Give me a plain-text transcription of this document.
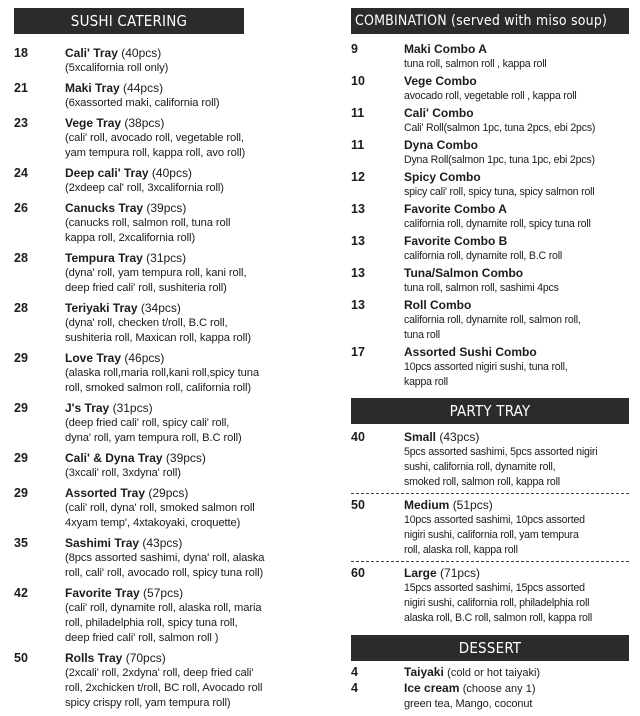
SUSHI CATERING
18	Cali' Tray (40pcs)
(5xcalifornia roll only)
21	Maki Tray (44pcs)
(6xassorted maki, california roll)
23	Vege Tray (38pcs)
(cali' roll, avocado roll, vegetable roll,
yam tempura roll, kappa roll, avo roll)
24	Deep cali' Tray (40pcs)
(2xdeep cal' roll, 3xcalifornia roll)
26	Canucks Tray (39pcs)
(canucks roll, salmon roll, tuna roll
kappa roll, 2xcalifornia roll)
28	Tempura Tray (31pcs)
(dyna' roll, yam tempura roll, kani roll,
deep fried cali' roll, sushiteria roll)
28	Teriyaki Tray (34pcs)
(dyna' roll, checken t/roll, B.C roll,
sushiteria roll, Maxican roll, kappa roll)
29	Love Tray (46pcs)
(alaska roll,maria roll,kani roll,spicy tuna
roll, smoked salmon roll, california roll)
29	J's Tray (31pcs)
(deep fried cali' roll, spicy cali' roll,
dyna' roll, yam tempura roll, B.C roll)
29	Cali' & Dyna Tray (39pcs)
(3xcali' roll, 3xdyna' roll)
29	Assorted Tray (29pcs)
(cali' roll, dyna' roll, smoked salmon roll
4xyam temp', 4xtakoyaki, croquette)
35	Sashimi Tray (43pcs)
(8pcs assorted sashimi, dyna' roll, alaska
roll, cali' roll, avocado roll, spicy tuna roll)
42	Favorite Tray (57pcs)
(cali' roll, dynamite roll, alaska roll, maria
roll, philadelphia roll, spicy tuna roll,
deep fried cali' roll, salmon roll )
50	Rolls Tray (70pcs)
(2xcali' roll, 2xdyna' roll, deep fried cali'
roll, 2xchicken t/roll, BC roll, Avocado roll
spicy crispy roll, yam tempura roll)
COMBINATION (served with miso soup)
9	Maki Combo A
tuna roll, salmon roll , kappa roll
10	Vege Combo
avocado roll, vegetable roll , kappa roll
11	Cali' Combo
Cali' Roll(salmon 1pc, tuna 2pcs, ebi 2pcs)
11	Dyna Combo
Dyna Roll(salmon 1pc, tuna 1pc, ebi 2pcs)
12	Spicy Combo
spicy cali' roll, spicy tuna, spicy salmon roll
13	Favorite Combo A
california roll, dynamite roll, spicy tuna roll
13	Favorite Combo B
california roll, dynamite roll, B.C roll
13	Tuna/Salmon Combo
tuna roll, salmon roll, sashimi 4pcs
13	Roll Combo
california roll, dynamite roll, salmon roll,
tuna roll
17	Assorted Sushi Combo
10pcs assorted nigiri sushi, tuna roll,
kappa roll
PARTY TRAY
40	Small (43pcs)
5pcs assorted sashimi, 5pcs assorted nigiri
sushi, california roll, dynamite roll,
smoked roll, salmon roll, kappa roll
50	Medium (51pcs)
10pcs assorted sashimi, 10pcs assorted
nigiri sushi, california roll, yam tempura
roll, alaska roll, kappa roll
60	Large (71pcs)
15pcs assorted sashimi, 15pcs assorted
nigiri sushi, california roll, philadelphia roll
alaska roll, B.C roll, salmon roll, kappa roll
DESSERT
4	Taiyaki (cold or hot taiyaki)
4	Ice cream (choose any 1)
green tea, Mango, coconut
